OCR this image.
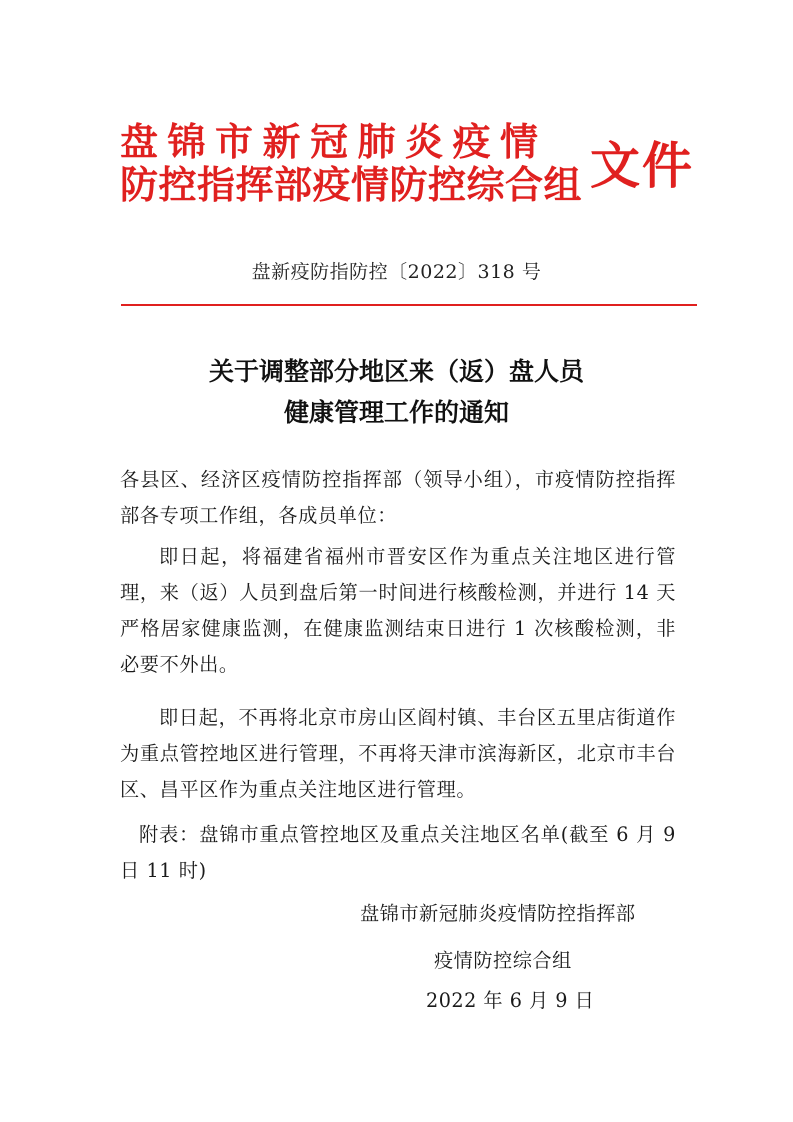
盘锦市新冠肺炎疫情
防控指挥部疫情防控综合组 文件
盘新疫防指防控〔2022〕318 号
关于调整部分地区来（返）盘人员
健康管理工作的通知

各县区、经济区疫情防控指挥部（领导小组），市疫情防控指挥部各专项工作组，各成员单位：

即日起，将福建省福州市晋安区作为重点关注地区进行管理，来（返）人员到盘后第一时间进行核酸检测，并进行 14 天严格居家健康监测，在健康监测结束日进行 1 次核酸检测，非必要不外出。

即日起，不再将北京市房山区阎村镇、丰台区五里店街道作为重点管控地区进行管理，不再将天津市滨海新区，北京市丰台区、昌平区作为重点关注地区进行管理。

附表：盘锦市重点管控地区及重点关注地区名单(截至 6 月 9 日 11 时)

盘锦市新冠肺炎疫情防控指挥部
疫情防控综合组
2022 年 6 月 9 日
